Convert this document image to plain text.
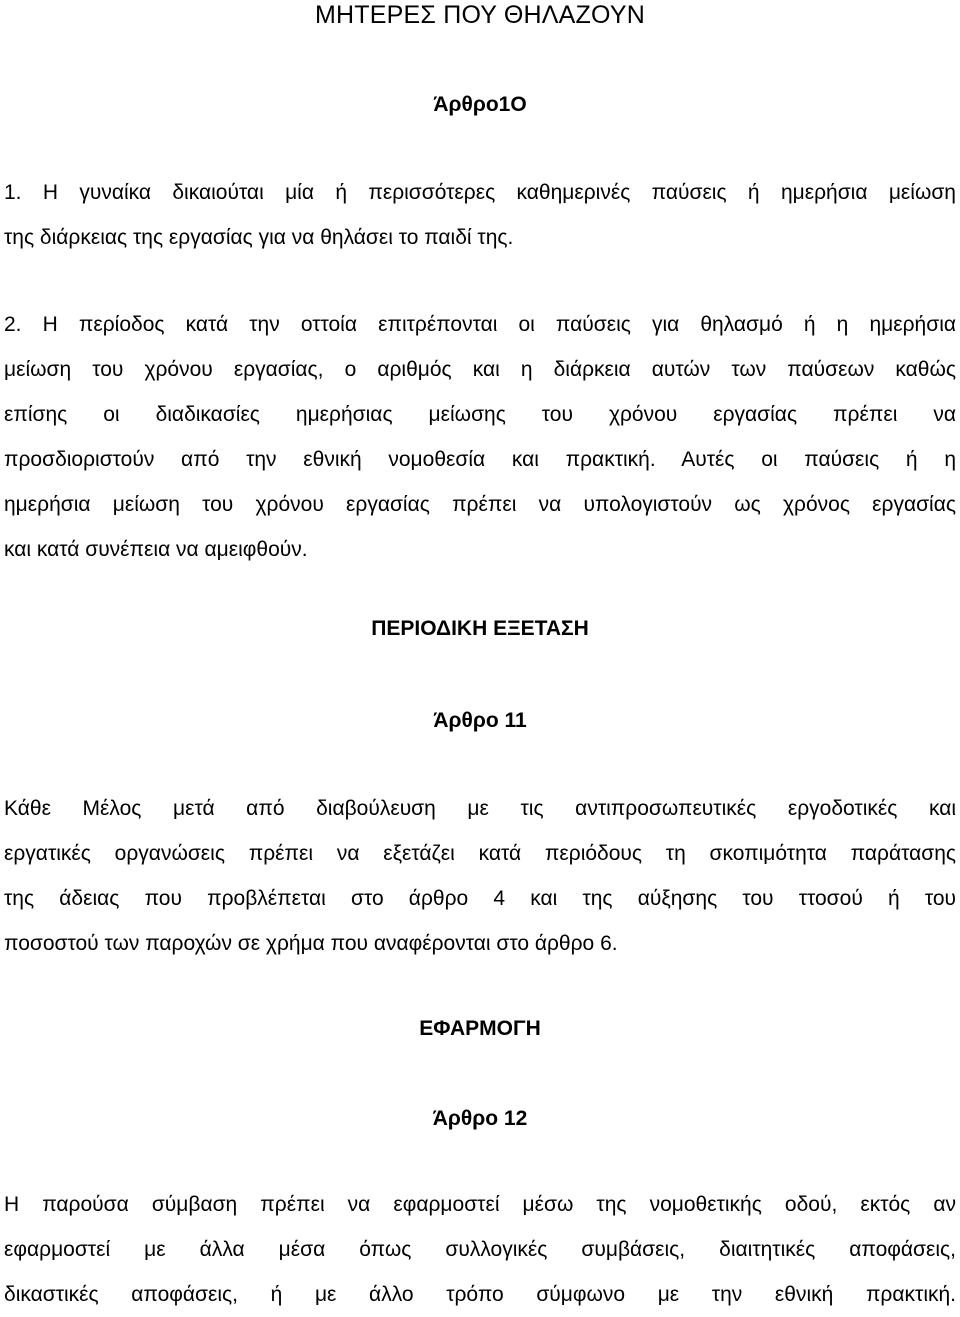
ΜΗΤΕΡΕΣ ΠΟΥ ΘΗΛΑΖΟΥΝ
Άρθρο1Ο
1. Η γυναίκα δικαιούται μία ή περισσότερες καθημερινές παύσεις ή ημερήσια μείωση
της διάρκειας της εργασίας για να θηλάσει το παιδί της.
2. Η περίοδος κατά την οττοία επιτρέπονται οι παύσεις για θηλασμό ή η ημερήσια
μείωση του χρόνου εργασίας, ο αριθμός και η διάρκεια αυτών των παύσεων καθώς
επίσης οι διαδικασίες ημερήσιας μείωσης του χρόνου εργασίας πρέπει να
προσδιοριστούν από την εθνική νομοθεσία και πρακτική. Αυτές οι παύσεις ή η
ημερήσια μείωση του χρόνου εργασίας πρέπει να υπολογιστούν ως χρόνος εργασίας
και κατά συνέπεια να αμειφθούν.
ΠΕΡΙΟΔΙΚΗ ΕΞΕΤΑΣΗ
Άρθρο 11
Κάθε Μέλος μετά από διαβούλευση με τις αντιπροσωπευτικές εργοδοτικές και
εργατικές οργανώσεις πρέπει να εξετάζει κατά περιόδους τη σκοπιμότητα παράτασης
της άδειας που προβλέπεται στο άρθρο 4 και της αύξησης του ττοσού ή του
ποσοστού των παροχών σε χρήμα που αναφέρονται στο άρθρο 6.
ΕΦΑΡΜΟΓΗ
Άρθρο 12
Η παρούσα σύμβαση πρέπει να εφαρμοστεί μέσω της νομοθετικής οδού, εκτός αν
εφαρμοστεί με άλλα μέσα όπως συλλογικές συμβάσεις, διαιτητικές αποφάσεις,
δικαστικές αποφάσεις, ή με άλλο τρόπο σύμφωνο με την εθνική πρακτική.
